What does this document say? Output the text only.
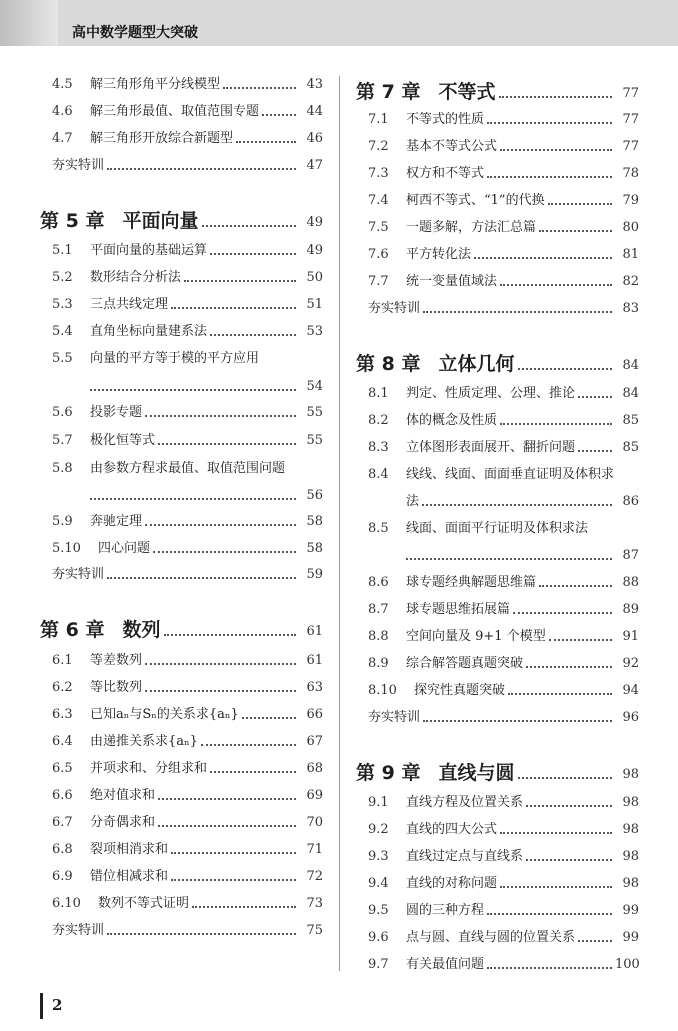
高中数学题型大突破
4.5	解三角形角平分线模型	43
4.6	解三角形最值、取值范围专题	44
4.7	解三角形开放综合新题型	46
夯实特训	47
第 5 章 平面向量	49
5.1	平面向量的基础运算	49
5.2	数形结合分析法	50
5.3	三点共线定理	51
5.4	直角坐标向量建系法	53
5.5	向量的平方等于模的平方应用
54
5.6	投影专题	55
5.7	极化恒等式	55
5.8	由参数方程求最值、取值范围问题
56
5.9	奔驰定理	58
5.10	四心问题	58
夯实特训	59
第 6 章 数列	61
6.1	等差数列	61
6.2	等比数列	63
6.3	已知aₙ与Sₙ的关系求{aₙ}	66
6.4	由递推关系求{aₙ}	67
6.5	并项求和、分组求和	68
6.6	绝对值求和	69
6.7	分奇偶求和	70
6.8	裂项相消求和	71
6.9	错位相减求和	72
6.10	数列不等式证明	73
夯实特训	75
第 7 章 不等式	77
7.1	不等式的性质	77
7.2	基本不等式公式	77
7.3	权方和不等式	78
7.4	柯西不等式、“1”的代换	79
7.5	一题多解，方法汇总篇	80
7.6	平方转化法	81
7.7	统一变量值域法	82
夯实特训	83
第 8 章 立体几何	84
8.1	判定、性质定理、公理、推论	84
8.2	体的概念及性质	85
8.3	立体图形表面展开、翻折问题	85
8.4	线线、线面、面面垂直证明及体积求
法	86
8.5	线面、面面平行证明及体积求法
87
8.6	球专题经典解题思维篇	88
8.7	球专题思维拓展篇	89
8.8	空间向量及 9+1 个模型	91
8.9	综合解答题真题突破	92
8.10	探究性真题突破	94
夯实特训	96
第 9 章 直线与圆	98
9.1	直线方程及位置关系	98
9.2	直线的四大公式	98
9.3	直线过定点与直线系	98
9.4	直线的对称问题	98
9.5	圆的三种方程	99
9.6	点与圆、直线与圆的位置关系	99
9.7	有关最值问题	100
2
